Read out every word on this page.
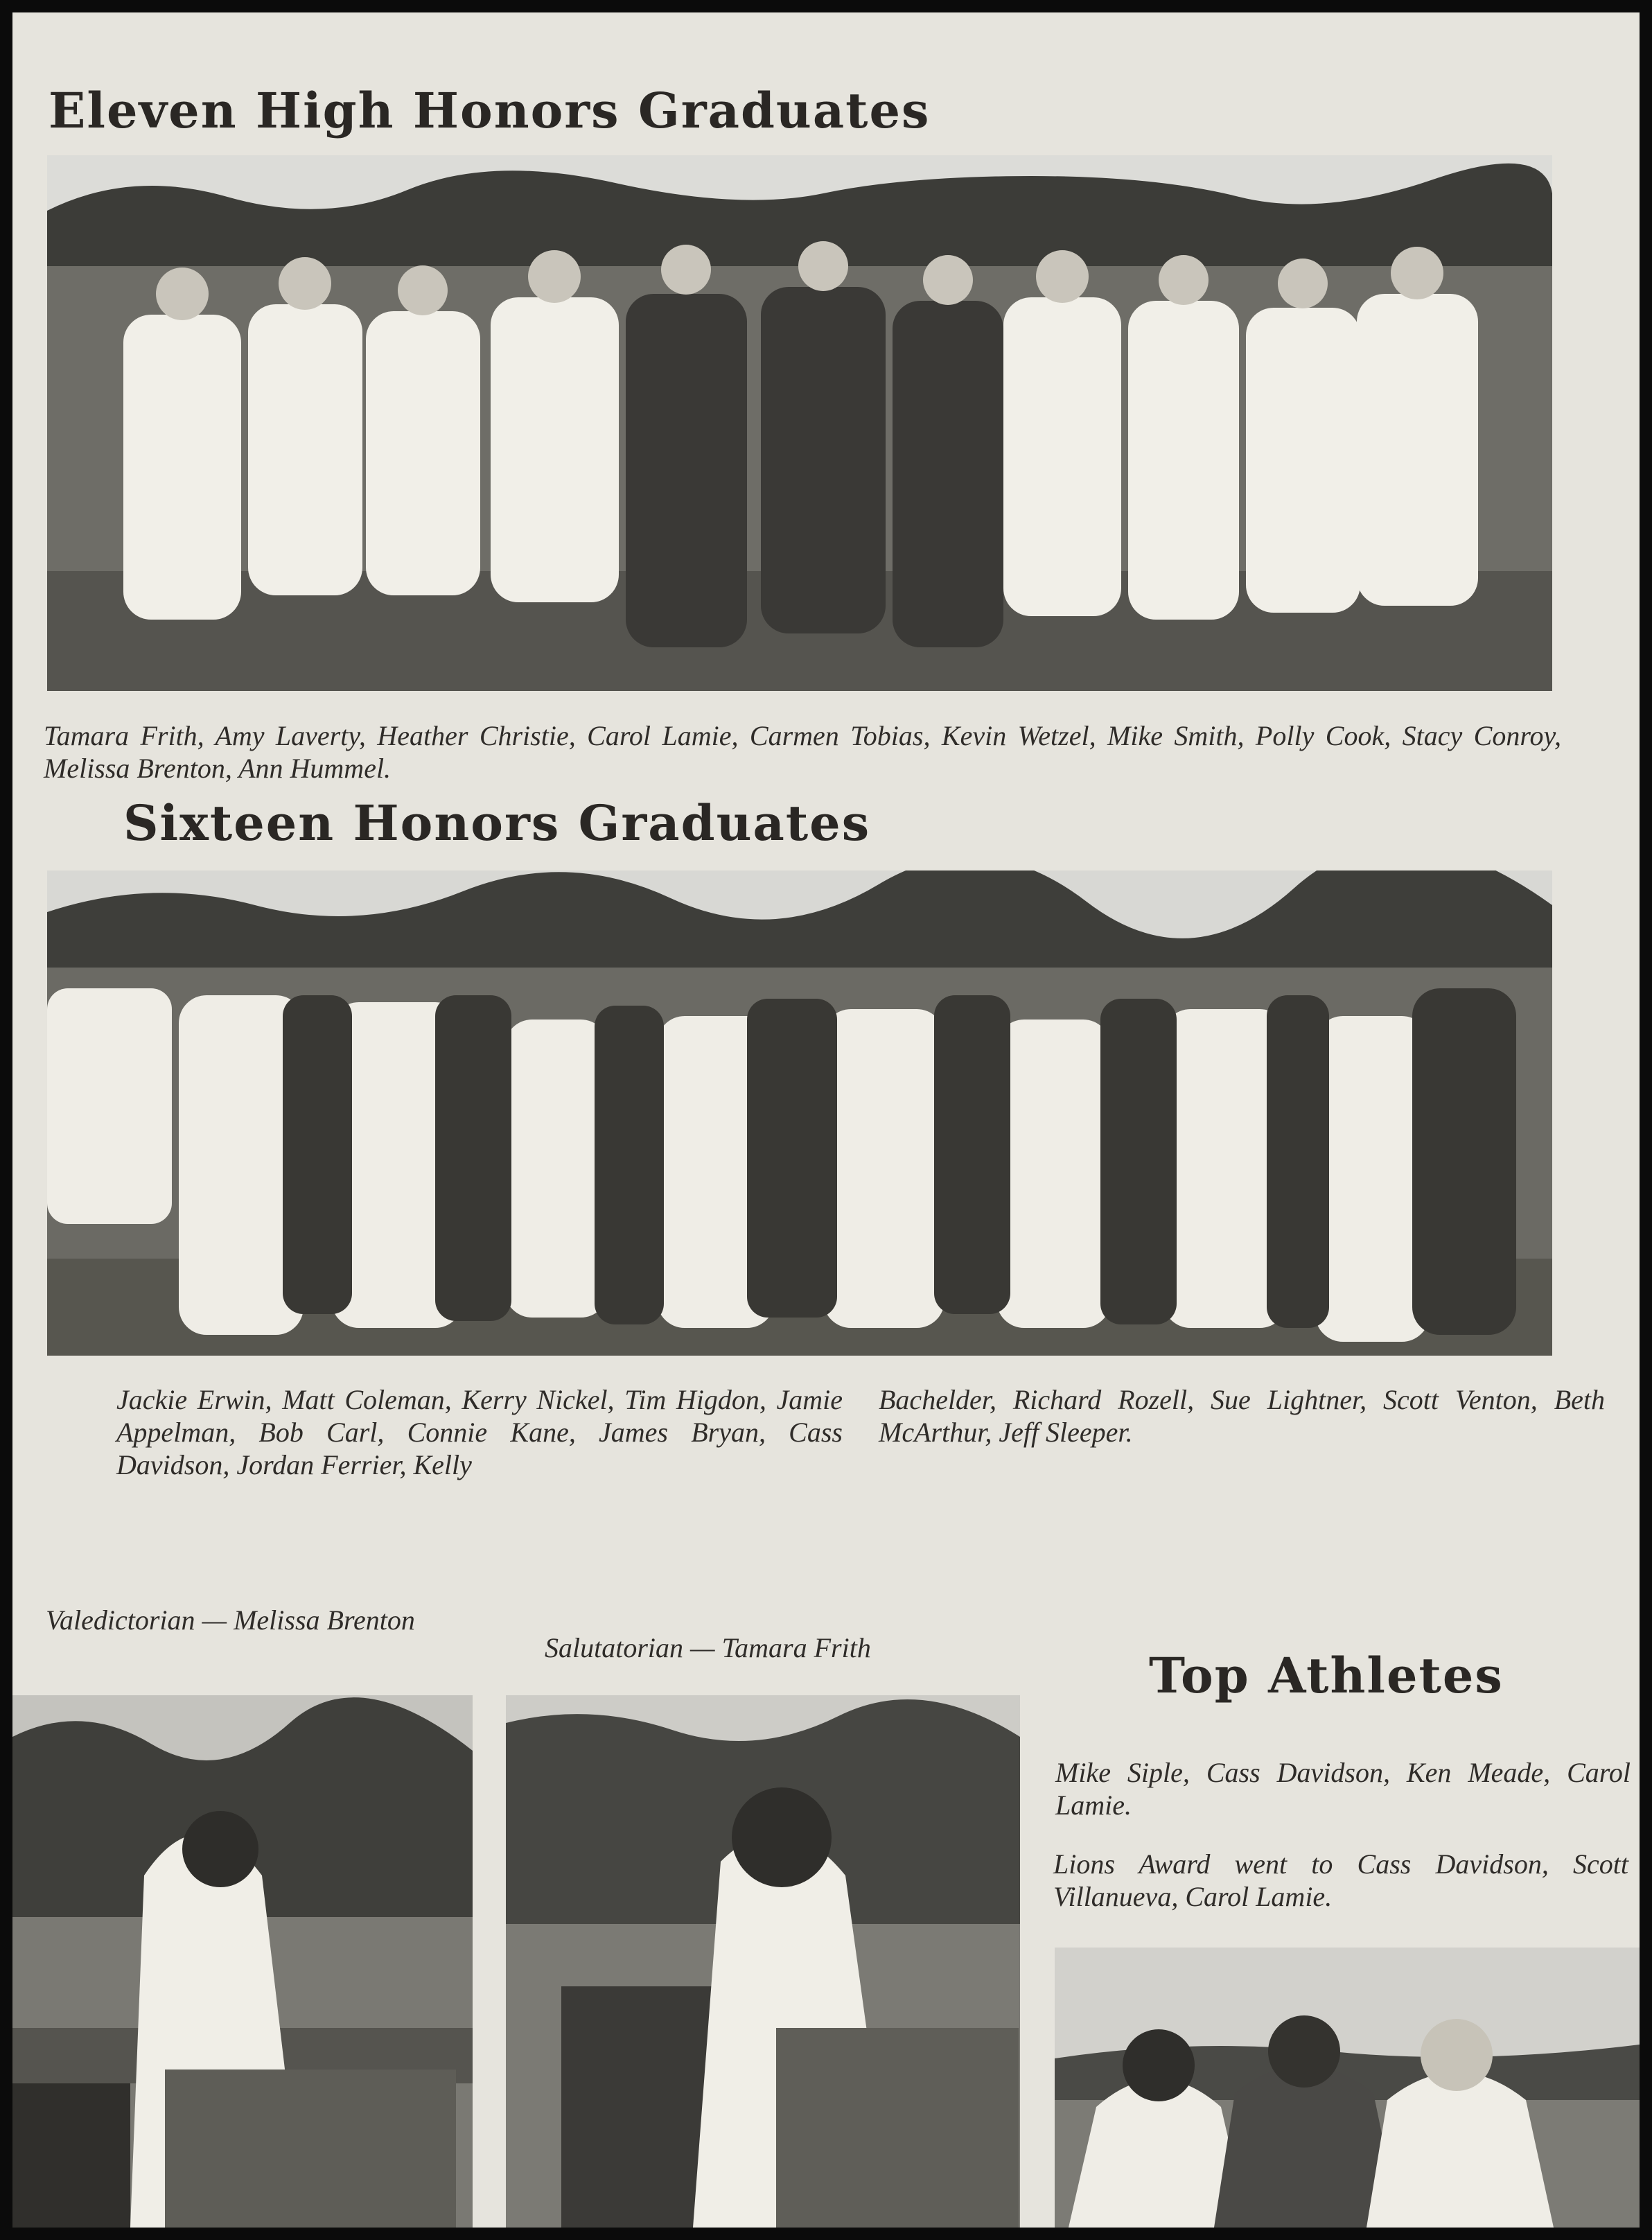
Eleven High Honors Graduates

Tamara Frith, Amy Laverty, Heather Christie, Carol Lamie, Carmen Tobias, Kevin Wetzel, Mike Smith, Polly Cook, Stacy Conroy, Melissa Brenton, Ann Hummel.

Sixteen Honors Graduates

Jackie Erwin, Matt Coleman, Kerry Nickel, Tim Higdon, Jamie Appelman, Bob Carl, Connie Kane, James Bryan, Cass Davidson, Jordan Ferrier, Kelly

Bachelder, Richard Rozell, Sue Lightner, Scott Venton, Beth McArthur, Jeff Sleeper.

Valedictorian — Melissa Brenton

Salutatorian — Tamara Frith	Top Athletes

Mike Siple, Cass Davidson, Ken Meade, Carol Lamie.

Lions Award went to Cass Davidson, Scott Villanueva, Carol Lamie.
